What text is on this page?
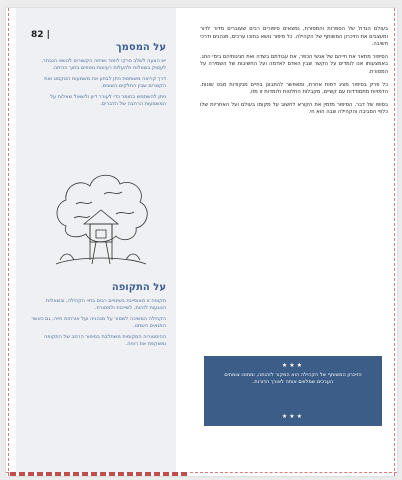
82 |
על המסמך

יש הצעה לשלב פרקי לימוד ושיחה הקשורים לנושא הנבחר, לעסוק בשאלות ולהעלות רעיונות נוספים בתוך הכיתה.

דרך קריאה משותפת ניתן לבחון את משמעות הטקסט ואת הקשרים שבין החלקים השונים.

ניתן להשתמש בחומר כדי לעורר דיון ולשאול שאלות על המשמעות הרחבה של הדברים.

על התקופה

תקופה זו מאופיינת בשינויים רבים בחיי הקהילה, ובשאלות הנוגעות לזהות, לשייכות ולמסורת.

הקהילה המשיכה לשמור על מנהגיה ועל אורחות חייה, גם כאשר התנאים השתנו.

ההיסטוריה המקומית משתלבת בסיפור הרחב של התקופה ומשקפת את רוחה.

בעולם הגדול של הספרות והמסורת, נמצאים סיפורים רבים שעוברים מדור לדור ומעצבים את הזיכרון המשותף של הקהילה. כל סיפור נושא בתוכו ערכים, מנהגים ודרכי חשיבה.

הסיפור מתאר את חייהם של אנשי הכפר, את עבודתם בשדה ואת חגיגותיהם בימי החג. באמצעותו אנו לומדים על הקשר שבין האדם לאדמה ועל החשיבות של השמירה על המסורת.

כל פרק בסיפור מציג דמות אחרת, ומאפשר להתבונן בחיים מנקודות מבט שונות. הדמויות מתמודדות עם קשיים, מקבלות החלטות ולומדות זו מזו.

בסופו של דבר, הסיפור מזמין את הקורא לחשוב על מקומו בעולם ועל האחריות שלו כלפי הסביבה והקהילה שבה הוא חי.

★★★
הזיכרון המשותף של הקהילה הוא המקור לזהותה, ומתוכו צומחים הערכים שמלווים אותה לאורך הדורות.
★★★
